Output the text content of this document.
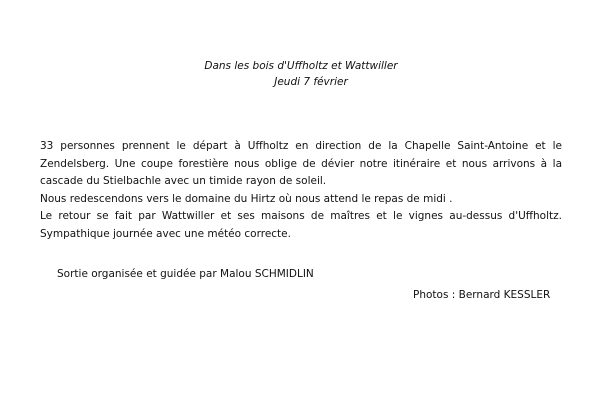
Dans les bois d'Uffholtz et Wattwiller
Jeudi 7 février

33 personnes prennent le départ à Uffholtz en direction de la Chapelle Saint-Antoine et le Zendelsberg. Une coupe forestière nous oblige de dévier notre itinéraire et nous arrivons à la cascade du Stielbachle avec un timide rayon de soleil.

Nous redescendons vers le domaine du Hirtz où nous attend le repas de midi .

Le retour se fait par Wattwiller et ses maisons de maîtres et le vignes au-dessus d'Uffholtz.

Sympathique journée avec une météo correcte.

Sortie organisée et guidée par Malou SCHMIDLIN
Photos : Bernard KESSLER
